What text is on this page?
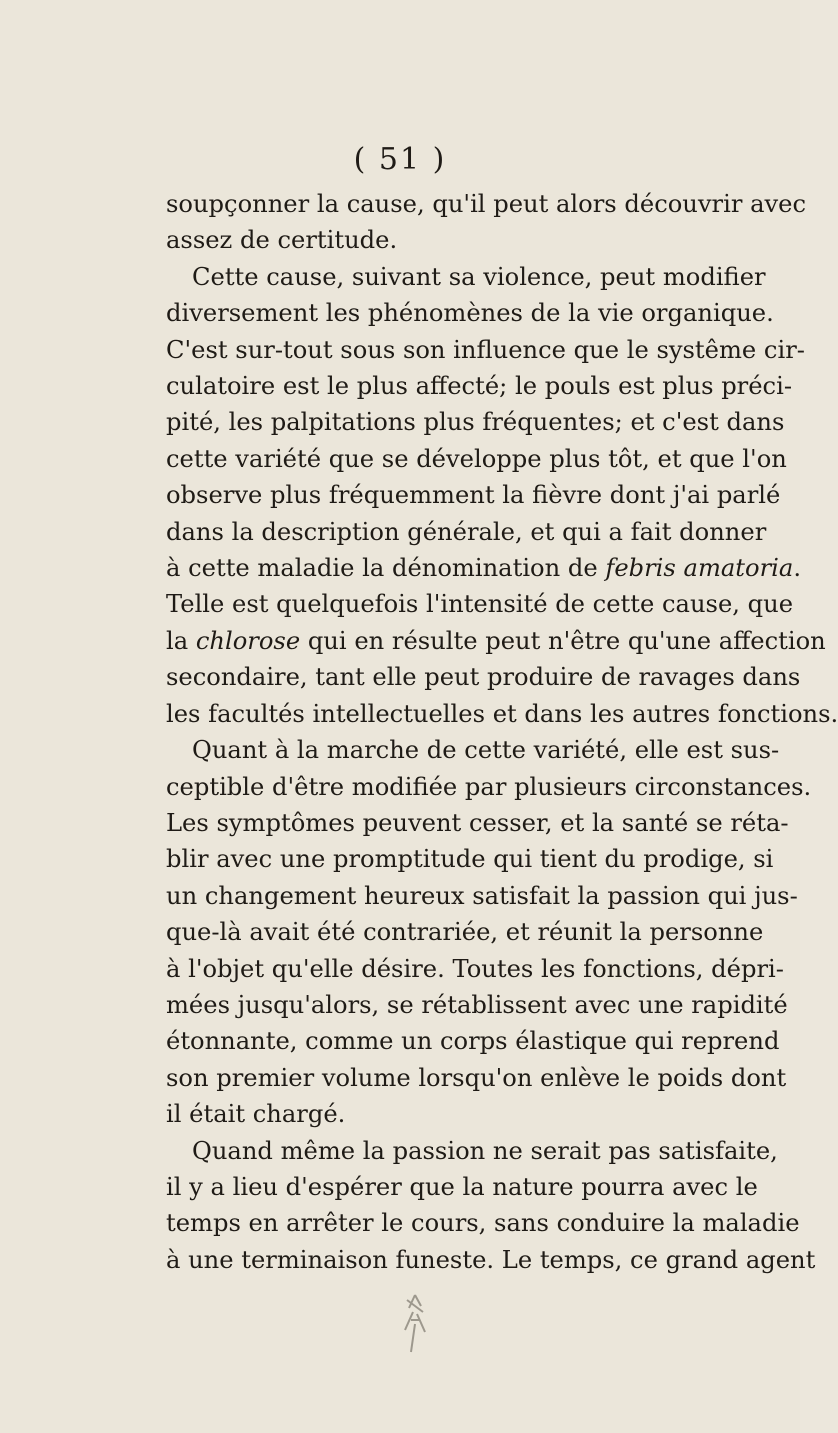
( 51 )
soupçonner la cause, qu'il peut alors découvrir avec
assez de certitude.
Cette cause, suivant sa violence, peut modifier
diversement les phénomènes de la vie organique.
C'est sur-tout sous son influence que le systême cir-
culatoire est le plus affecté; le pouls est plus préci-
pité, les palpitations plus fréquentes; et c'est dans
cette variété que se développe plus tôt, et que l'on
observe plus fréquemment la fièvre dont j'ai parlé
dans la description générale, et qui a fait donner
à cette maladie la dénomination de febris amatoria.
Telle est quelquefois l'intensité de cette cause, que
la chlorose qui en résulte peut n'être qu'une affection
secondaire, tant elle peut produire de ravages dans
les facultés intellectuelles et dans les autres fonctions.
Quant à la marche de cette variété, elle est sus-
ceptible d'être modifiée par plusieurs circonstances.
Les symptômes peuvent cesser, et la santé se réta-
blir avec une promptitude qui tient du prodige, si
un changement heureux satisfait la passion qui jus-
que-là avait été contrariée, et réunit la personne
à l'objet qu'elle désire. Toutes les fonctions, dépri-
mées jusqu'alors, se rétablissent avec une rapidité
étonnante, comme un corps élastique qui reprend
son premier volume lorsqu'on enlève le poids dont
il était chargé.
Quand même la passion ne serait pas satisfaite,
il y a lieu d'espérer que la nature pourra avec le
temps en arrêter le cours, sans conduire la maladie
à une terminaison funeste. Le temps, ce grand agent
